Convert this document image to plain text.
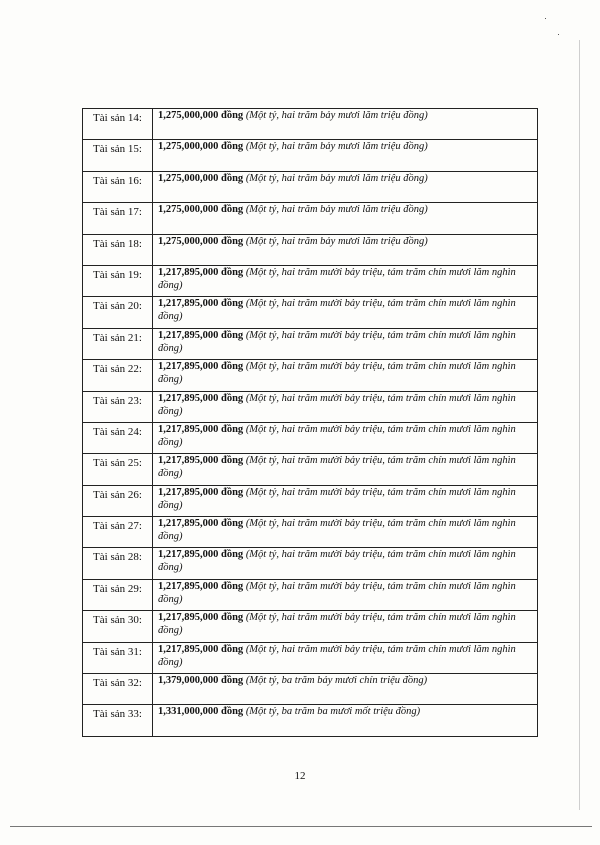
Tài sản 14:	1,275,000,000 đồng (Một tỷ, hai trăm bảy mươi lăm triệu đồng)
Tài sản 15:	1,275,000,000 đồng (Một tỷ, hai trăm bảy mươi lăm triệu đồng)
Tài sản 16:	1,275,000,000 đồng (Một tỷ, hai trăm bảy mươi lăm triệu đồng)
Tài sản 17:	1,275,000,000 đồng (Một tỷ, hai trăm bảy mươi lăm triệu đồng)
Tài sản 18:	1,275,000,000 đồng (Một tỷ, hai trăm bảy mươi lăm triệu đồng)
Tài sản 19:	1,217,895,000 đồng (Một tỷ, hai trăm mười bảy triệu, tám trăm chín mươi lăm nghìn đồng)
Tài sản 20:	1,217,895,000 đồng (Một tỷ, hai trăm mười bảy triệu, tám trăm chín mươi lăm nghìn đồng)
Tài sản 21:	1,217,895,000 đồng (Một tỷ, hai trăm mười bảy triệu, tám trăm chín mươi lăm nghìn đồng)
Tài sản 22:	1,217,895,000 đồng (Một tỷ, hai trăm mười bảy triệu, tám trăm chín mươi lăm nghìn đồng)
Tài sản 23:	1,217,895,000 đồng (Một tỷ, hai trăm mười bảy triệu, tám trăm chín mươi lăm nghìn đồng)
Tài sản 24:	1,217,895,000 đồng (Một tỷ, hai trăm mười bảy triệu, tám trăm chín mươi lăm nghìn đồng)
Tài sản 25:	1,217,895,000 đồng (Một tỷ, hai trăm mười bảy triệu, tám trăm chín mươi lăm nghìn đồng)
Tài sản 26:	1,217,895,000 đồng (Một tỷ, hai trăm mười bảy triệu, tám trăm chín mươi lăm nghìn đồng)
Tài sản 27:	1,217,895,000 đồng (Một tỷ, hai trăm mười bảy triệu, tám trăm chín mươi lăm nghìn đồng)
Tài sản 28:	1,217,895,000 đồng (Một tỷ, hai trăm mười bảy triệu, tám trăm chín mươi lăm nghìn đồng)
Tài sản 29:	1,217,895,000 đồng (Một tỷ, hai trăm mười bảy triệu, tám trăm chín mươi lăm nghìn đồng)
Tài sản 30:	1,217,895,000 đồng (Một tỷ, hai trăm mười bảy triệu, tám trăm chín mươi lăm nghìn đồng)
Tài sản 31:	1,217,895,000 đồng (Một tỷ, hai trăm mười bảy triệu, tám trăm chín mươi lăm nghìn đồng)
Tài sản 32:	1,379,000,000 đồng (Một tỷ, ba trăm bảy mươi chín triệu đồng)
Tài sản 33:	1,331,000,000 đồng (Một tỷ, ba trăm ba mươi mốt triệu đồng)
12
